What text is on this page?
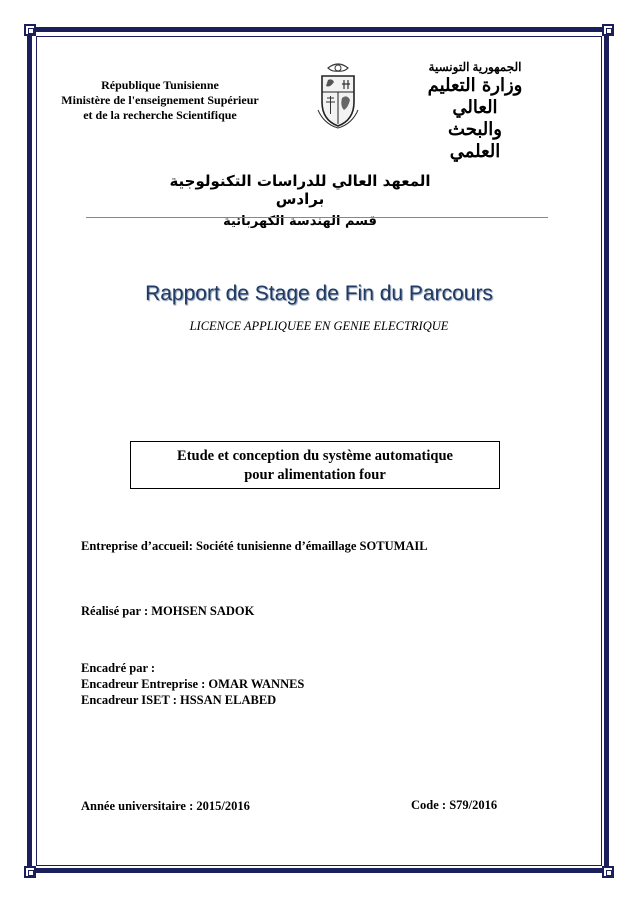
République Tunisienne
Ministère de l'enseignement Supérieur
et de la recherche Scientifique
الجمهورية التونسية
وزارة التعليم العالي
والبحث العلمي
المعهد العالي للدراسات التكنولوجية برادس
قسم الهندسة الكهربائية
Rapport de Stage de Fin du Parcours
LICENCE APPLIQUEE EN GENIE ELECTRIQUE
Etude et conception du système automatique
pour alimentation four
Entreprise d’accueil: Société tunisienne d’émaillage SOTUMAIL
Réalisé par : MOHSEN SADOK
Encadré par :
Encadreur Entreprise : OMAR WANNES
Encadreur ISET : HSSAN ELABED
Année universitaire : 2015/2016	Code : S79/2016
